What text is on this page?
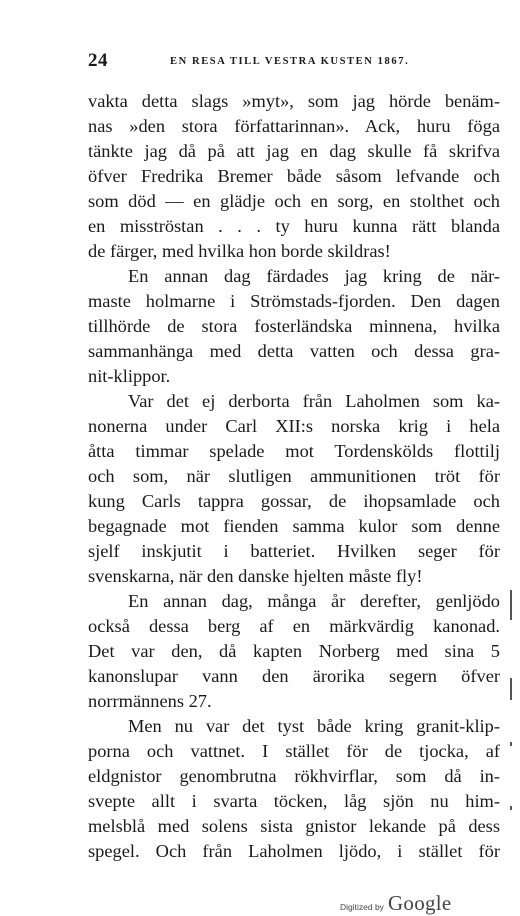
24	EN RESA TILL VESTRA KUSTEN 1867.
vakta detta slags »myt», som jag hörde benäm-
nas »den stora författarinnan». Ack, huru föga
tänkte jag då på att jag en dag skulle få skrifva
öfver Fredrika Bremer både såsom lefvande och
som död — en glädje och en sorg, en stolthet och
en misströstan . . . ty huru kunna rätt blanda
de färger, med hvilka hon borde skildras!
En annan dag färdades jag kring de när-
maste holmarne i Strömstads-fjorden. Den dagen
tillhörde de stora fosterländska minnena, hvilka
sammanhänga med detta vatten och dessa gra-
nit-klippor.
Var det ej derborta från Laholmen som ka-
nonerna under Carl XII:s norska krig i hela
åtta timmar spelade mot Tordenskölds flottilj
och som, när slutligen ammunitionen tröt för
kung Carls tappra gossar, de ihopsamlade och
begagnade mot fienden samma kulor som denne
sjelf inskjutit i batteriet. Hvilken seger för
svenskarna, när den danske hjelten måste fly!
En annan dag, många år derefter, genljödo
också dessa berg af en märkvärdig kanonad.
Det var den, då kapten Norberg med sina 5
kanonslupar vann den ärorika segern öfver
norrmännens 27.
Men nu var det tyst både kring granit-klip-
porna och vattnet. I stället för de tjocka, af
eldgnistor genombrutna rökhvirflar, som då in-
svepte allt i svarta töcken, låg sjön nu him-
melsblå med solens sista gnistor lekande på dess
spegel. Och från Laholmen ljödo, i stället för
Digitized by Google
